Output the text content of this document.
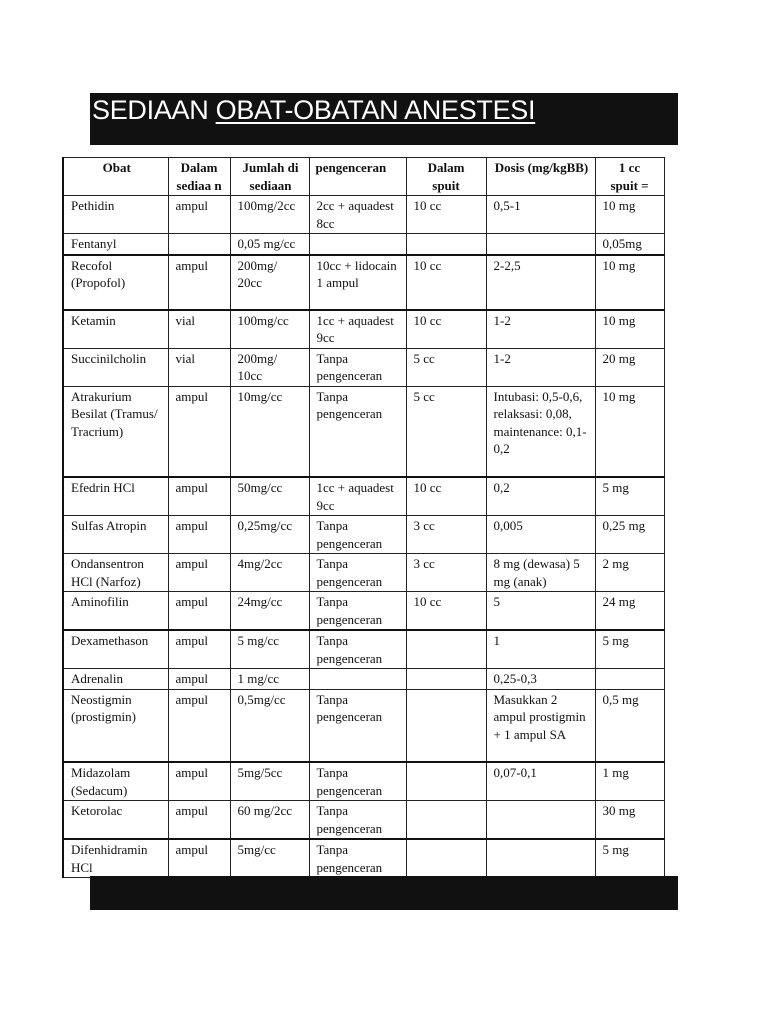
SEDIAAN OBAT-OBATAN ANESTESI
Obat	Dalam sediaa n	Jumlah di sediaan	pengenceran	Dalam spuit	Dosis (mg/kgBB)	1 cc spuit =
Pethidin	ampul	100mg/2cc	2cc + aquadest 8cc	10 cc	0,5-1	10 mg
Fentanyl		0,05 mg/cc				0,05mg
Recofol (Propofol)	ampul	200mg/ 20cc	10cc + lidocain 1 ampul	10 cc	2-2,5	10 mg
Ketamin	vial	100mg/cc	1cc + aquadest 9cc	10 cc	1-2	10 mg
Succinilcholin	vial	200mg/ 10cc	Tanpa pengenceran	5 cc	1-2	20 mg
Atrakurium Besilat (Tramus/ Tracrium)	ampul	10mg/cc	Tanpa pengenceran	5 cc	Intubasi: 0,5-0,6, relaksasi: 0,08, maintenance: 0,1-0,2	10 mg
Efedrin HCl	ampul	50mg/cc	1cc + aquadest 9cc	10 cc	0,2	5 mg
Sulfas Atropin	ampul	0,25mg/cc	Tanpa pengenceran	3 cc	0,005	0,25 mg
Ondansentron HCl (Narfoz)	ampul	4mg/2cc	Tanpa pengenceran	3 cc	8 mg (dewasa) 5 mg (anak)	2 mg
Aminofilin	ampul	24mg/cc	Tanpa pengenceran	10 cc	5	24 mg
Dexamethason	ampul	5 mg/cc	Tanpa pengenceran		1	5 mg
Adrenalin	ampul	1 mg/cc			0,25-0,3	
Neostigmin (prostigmin)	ampul	0,5mg/cc	Tanpa pengenceran		Masukkan 2 ampul prostigmin + 1 ampul SA	0,5 mg
Midazolam (Sedacum)	ampul	5mg/5cc	Tanpa pengenceran		0,07-0,1	1 mg
Ketorolac	ampul	60 mg/2cc	Tanpa pengenceran			30 mg
Difenhidramin HCl	ampul	5mg/cc	Tanpa pengenceran			5 mg
